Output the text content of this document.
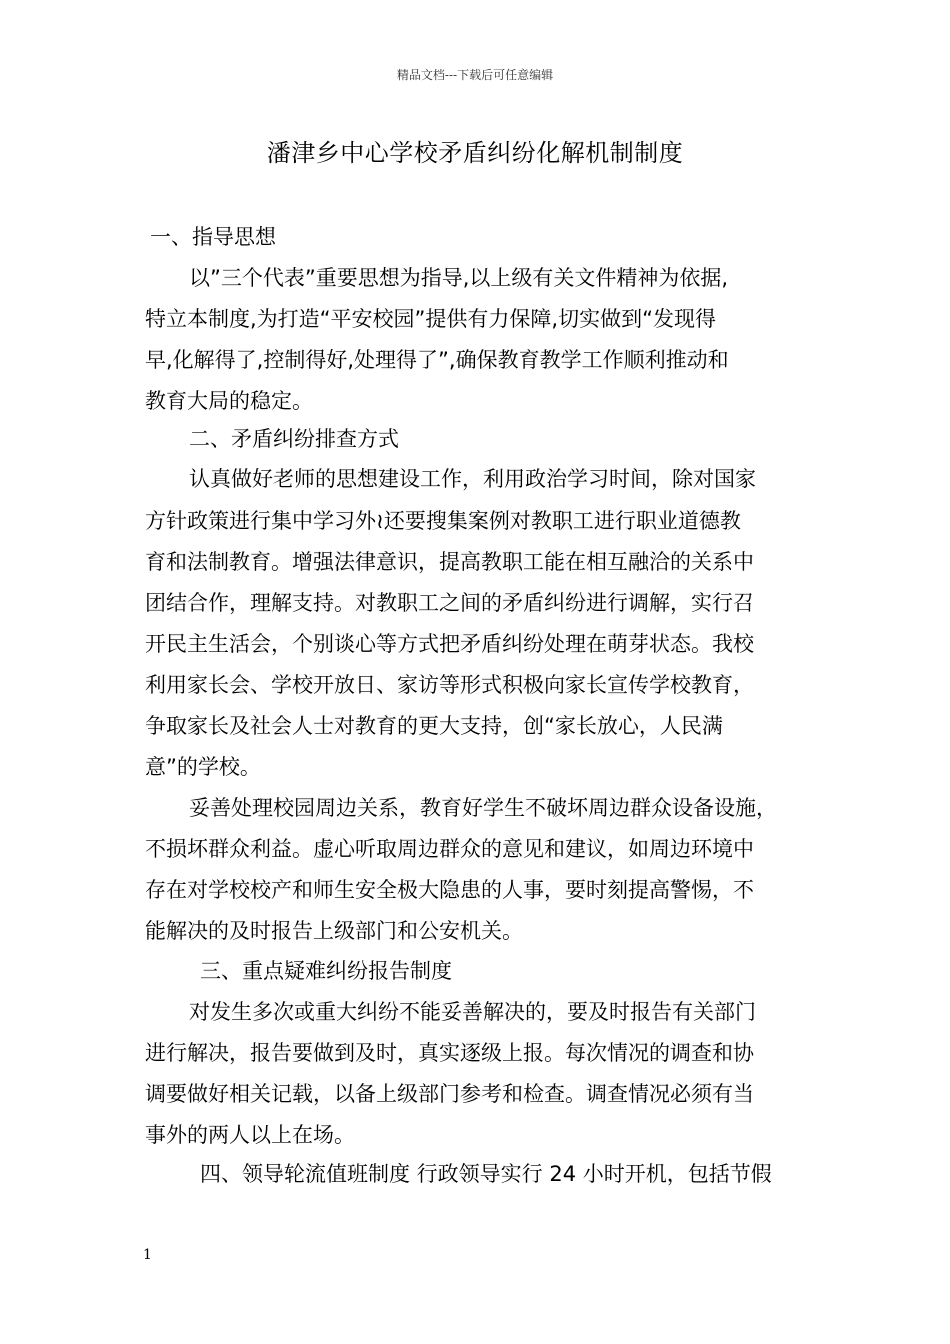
精品文档---下载后可任意编辑
潘津乡中心学校矛盾纠纷化解机制制度
一、指导思想
以”三个代表”重要思想为指导,以上级有关文件精神为依据,
特立本制度,为打造“平安校园”提供有力保障,切实做到“发现得
早,化解得了,控制得好,处理得了”,确保教育教学工作顺利推动和
教育大局的稳定。
二、矛盾纠纷排查方式
认真做好老师的思想建设工作，利用政治学习时间，除对国家
方针政策进行集中学习外≀还要搜集案例对教职工进行职业道德教
育和法制教育。增强法律意识，提高教职工能在相互融洽的关系中
团结合作，理解支持。对教职工之间的矛盾纠纷进行调解，实行召
开民主生活会，个别谈心等方式把矛盾纠纷处理在萌芽状态。我校
利用家长会、学校开放日、家访等形式积极向家长宣传学校教育，
争取家长及社会人士对教育的更大支持，创“家长放心，人民满
意”的学校。
妥善处理校园周边关系，教育好学生不破坏周边群众设备设施，
不损坏群众利益。虚心听取周边群众的意见和建议，如周边环境中
存在对学校校产和师生安全极大隐患的人事，要时刻提高警惕，不
能解决的及时报告上级部门和公安机关。
三、重点疑难纠纷报告制度
对发生多次或重大纠纷不能妥善解决的，要及时报告有关部门
进行解决，报告要做到及时，真实逐级上报。每次情况的调查和协
调要做好相关记载，以备上级部门参考和检查。调查情况必须有当
事外的两人以上在场。
四、领导轮流值班制度 行政领导实行 24 小时开机，包括节假
1
